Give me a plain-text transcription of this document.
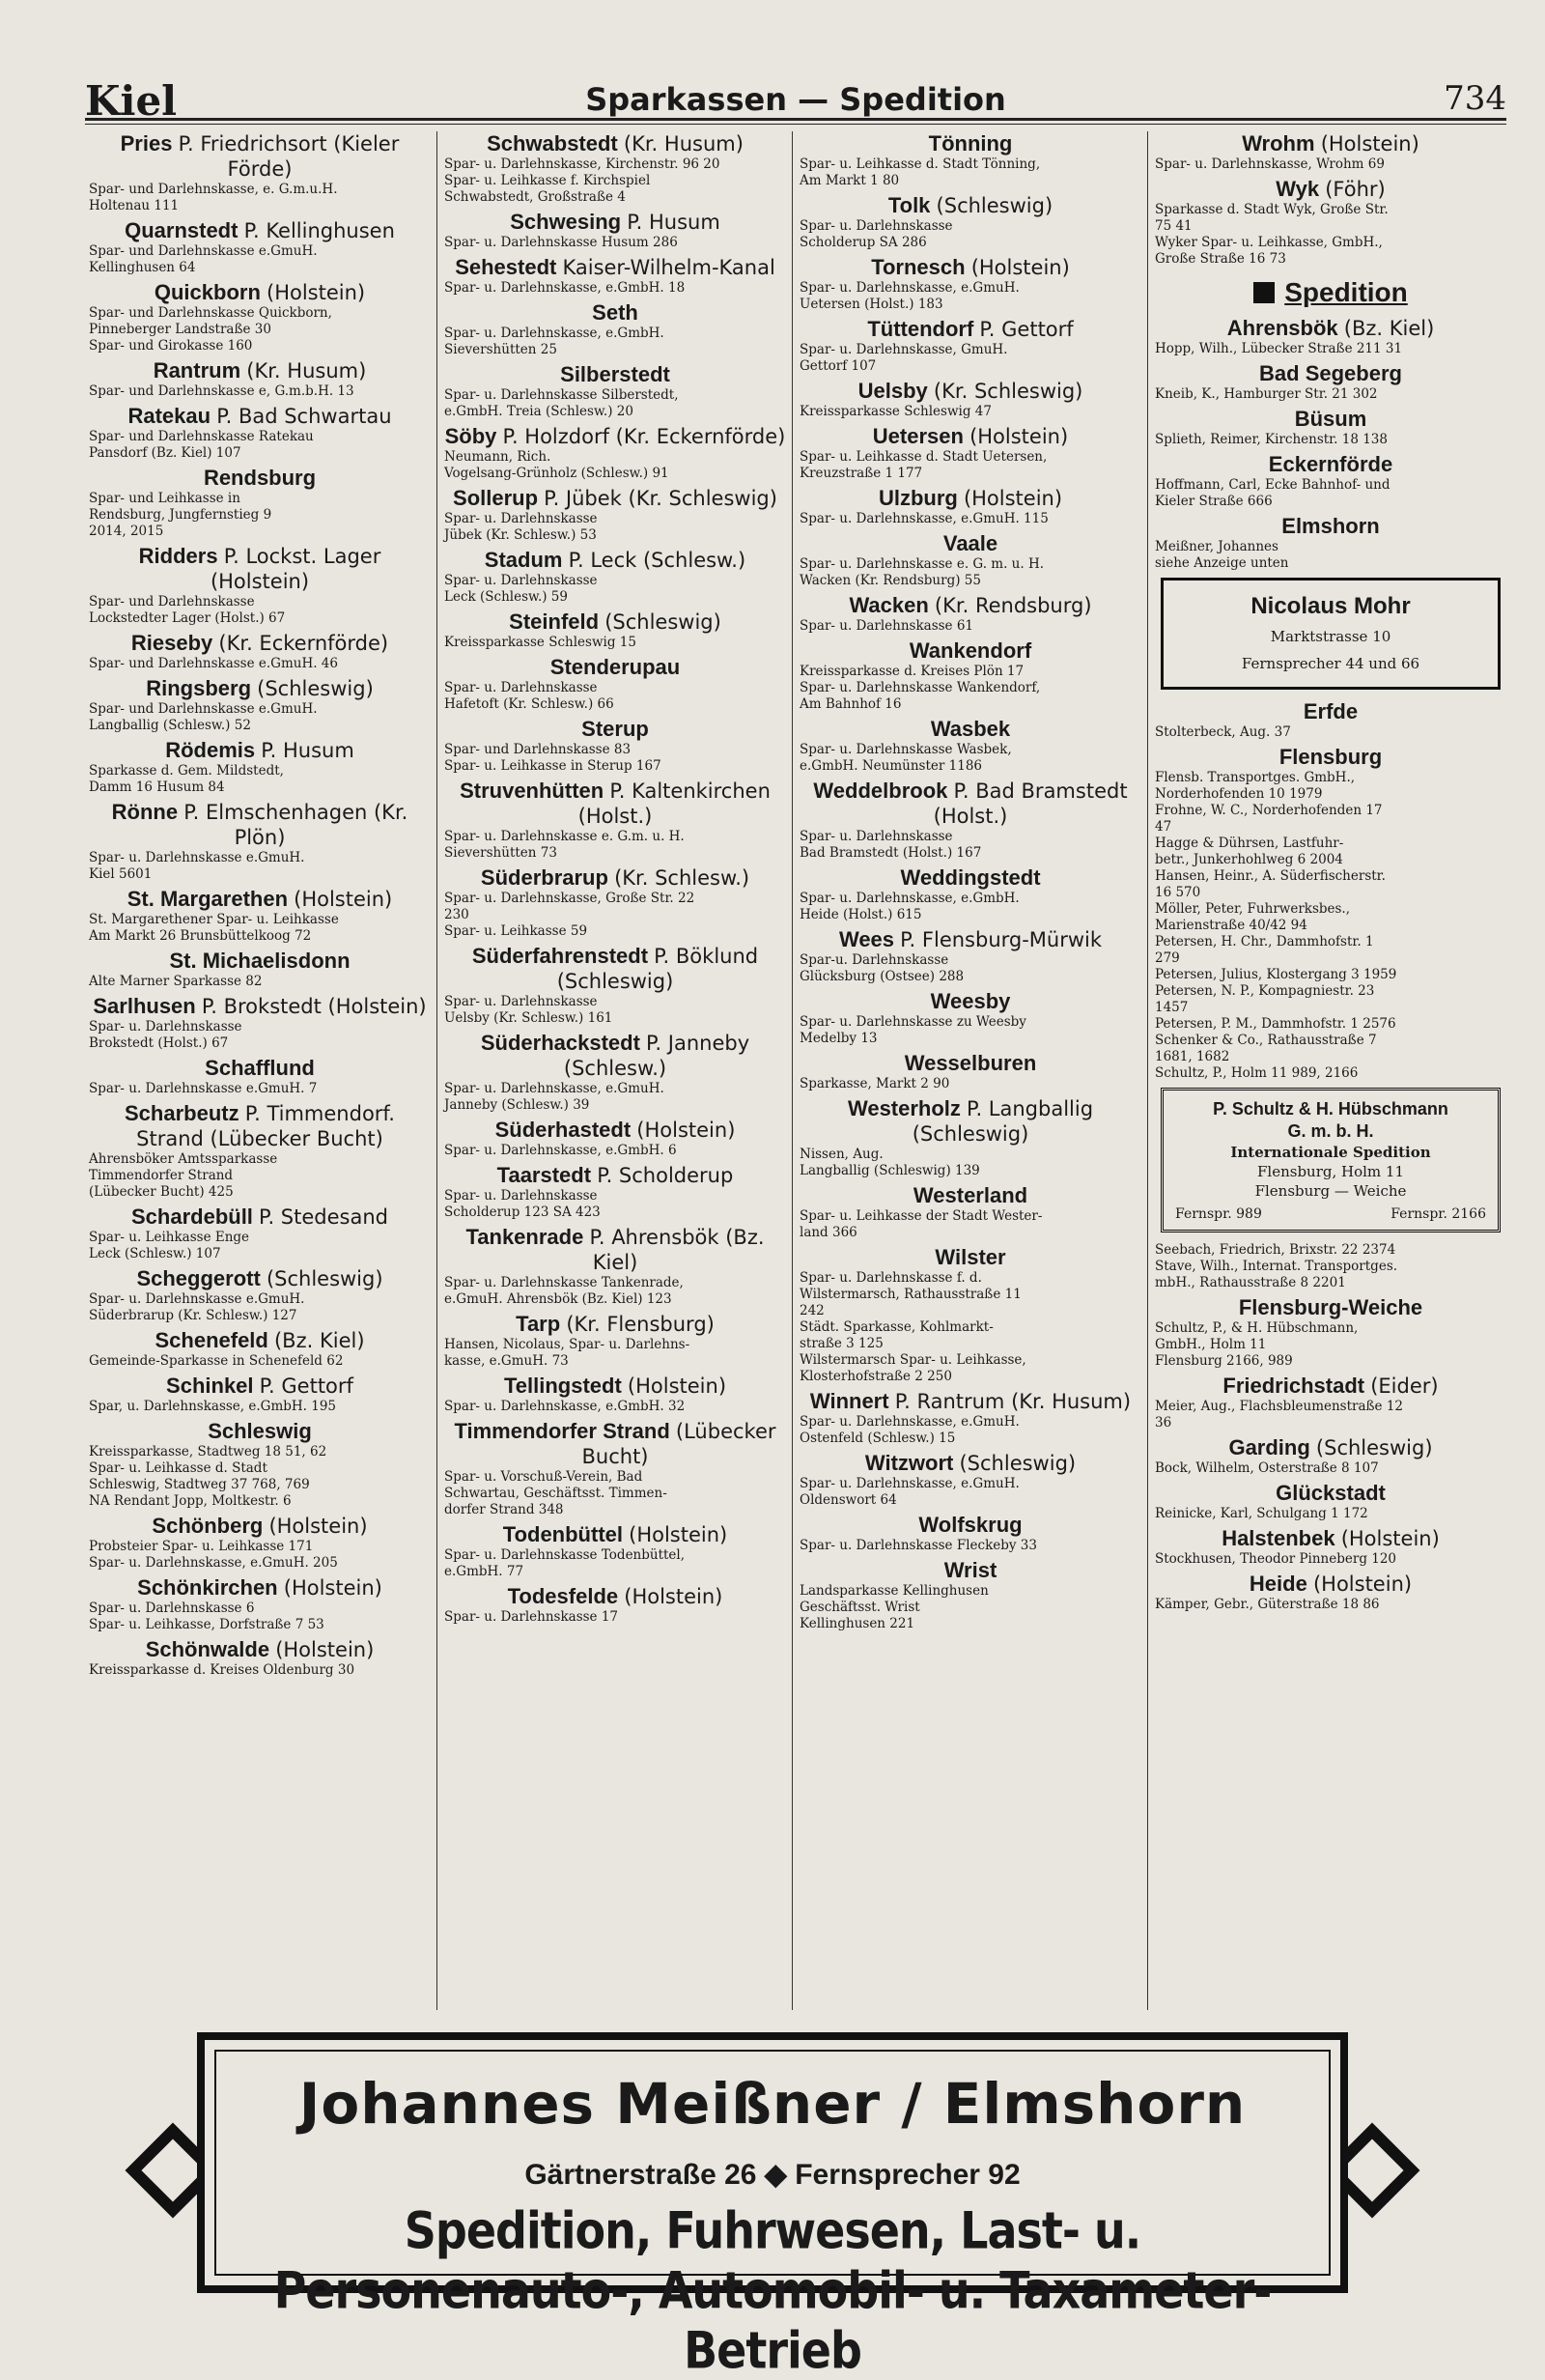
Kiel	Sparkassen — Spedition	734
Pries P. Friedrichsort (Kieler Förde)
Spar- und Darlehnskasse, e. G.m.u.H.
Holtenau 111
Quarnstedt P. Kellinghusen
Spar- und Darlehnskasse e.GmuH.
Kellinghusen 64
Quickborn (Holstein)
Spar- und Darlehnskasse Quickborn,
Pinneberger Landstraße 30
Spar- und Girokasse 160
Rantrum (Kr. Husum)
Spar- und Darlehnskasse e, G.m.b.H. 13
Ratekau P. Bad Schwartau
Spar- und Darlehnskasse Ratekau
Pansdorf (Bz. Kiel) 107
Rendsburg
Spar- und Leihkasse in
Rendsburg, Jungfernstieg 9
2014, 2015
Ridders P. Lockst. Lager (Holstein)
Spar- und Darlehnskasse
Lockstedter Lager (Holst.) 67
Rieseby (Kr. Eckernförde)
Spar- und Darlehnskasse e.GmuH. 46
Ringsberg (Schleswig)
Spar- und Darlehnskasse e.GmuH.
Langballig (Schlesw.) 52
Rödemis P. Husum
Sparkasse d. Gem. Mildstedt,
Damm 16 Husum 84
Rönne P. Elmschenhagen (Kr. Plön)
Spar- u. Darlehnskasse e.GmuH.
Kiel 5601
St. Margarethen (Holstein)
St. Margarethener Spar- u. Leihkasse
Am Markt 26 Brunsbüttelkoog 72
St. Michaelisdonn
Alte Marner Sparkasse 82
Sarlhusen P. Brokstedt (Holstein)
Spar- u. Darlehnskasse
Brokstedt (Holst.) 67
Schafflund
Spar- u. Darlehnskasse e.GmuH. 7
Scharbeutz P. Timmendorf. Strand (Lübecker Bucht)
Ahrensböker Amtssparkasse
Timmendorfer Strand
(Lübecker Bucht) 425
Schardebüll P. Stedesand
Spar- u. Leihkasse Enge
Leck (Schlesw.) 107
Scheggerott (Schleswig)
Spar- u. Darlehnskasse e.GmuH.
Süderbrarup (Kr. Schlesw.) 127
Schenefeld (Bz. Kiel)
Gemeinde-Sparkasse in Schenefeld 62
Schinkel P. Gettorf
Spar, u. Darlehnskasse, e.GmbH. 195
Schleswig
Kreissparkasse, Stadtweg 18 51, 62
Spar- u. Leihkasse d. Stadt
Schleswig, Stadtweg 37 768, 769
NA Rendant Jopp, Moltkestr. 6
Schönberg (Holstein)
Probsteier Spar- u. Leihkasse 171
Spar- u. Darlehnskasse, e.GmuH. 205
Schönkirchen (Holstein)
Spar- u. Darlehnskasse 6
Spar- u. Leihkasse, Dorfstraße 7 53
Schönwalde (Holstein)
Kreissparkasse d. Kreises Oldenburg 30
Schwabstedt (Kr. Husum)
Spar- u. Darlehnskasse, Kirchenstr. 96 20
Spar- u. Leihkasse f. Kirchspiel
Schwabstedt, Großstraße 4
Schwesing P. Husum
Spar- u. Darlehnskasse Husum 286
Sehestedt Kaiser-Wilhelm-Kanal
Spar- u. Darlehnskasse, e.GmbH. 18
Seth
Spar- u. Darlehnskasse, e.GmbH.
Sievershütten 25
Silberstedt
Spar- u. Darlehnskasse Silberstedt,
e.GmbH. Treia (Schlesw.) 20
Söby P. Holzdorf (Kr. Eckernförde)
Neumann, Rich.
Vogelsang-Grünholz (Schlesw.) 91
Sollerup P. Jübek (Kr. Schleswig)
Spar- u. Darlehnskasse
Jübek (Kr. Schlesw.) 53
Stadum P. Leck (Schlesw.)
Spar- u. Darlehnskasse
Leck (Schlesw.) 59
Steinfeld (Schleswig)
Kreissparkasse Schleswig 15
Stenderupau
Spar- u. Darlehnskasse
Hafetoft (Kr. Schlesw.) 66
Sterup
Spar- und Darlehnskasse 83
Spar- u. Leihkasse in Sterup 167
Struvenhütten P. Kaltenkirchen (Holst.)
Spar- u. Darlehnskasse e. G.m. u. H.
Sievershütten 73
Süderbrarup (Kr. Schlesw.)
Spar- u. Darlehnskasse, Große Str. 22
230
Spar- u. Leihkasse 59
Süderfahrenstedt P. Böklund (Schleswig)
Spar- u. Darlehnskasse
Uelsby (Kr. Schlesw.) 161
Süderhackstedt P. Janneby (Schlesw.)
Spar- u. Darlehnskasse, e.GmuH.
Janneby (Schlesw.) 39
Süderhastedt (Holstein)
Spar- u. Darlehnskasse, e.GmbH. 6
Taarstedt P. Scholderup
Spar- u. Darlehnskasse
Scholderup 123 SA 423
Tankenrade P. Ahrensbök (Bz. Kiel)
Spar- u. Darlehnskasse Tankenrade,
e.GmuH. Ahrensbök (Bz. Kiel) 123
Tarp (Kr. Flensburg)
Hansen, Nicolaus, Spar- u. Darlehns-
kasse, e.GmuH. 73
Tellingstedt (Holstein)
Spar- u. Darlehnskasse, e.GmbH. 32
Timmendorfer Strand (Lübecker Bucht)
Spar- u. Vorschuß-Verein, Bad
Schwartau, Geschäftsst. Timmen-
dorfer Strand 348
Todenbüttel (Holstein)
Spar- u. Darlehnskasse Todenbüttel,
e.GmbH. 77
Todesfelde (Holstein)
Spar- u. Darlehnskasse 17
Tönning
Spar- u. Leihkasse d. Stadt Tönning,
Am Markt 1 80
Tolk (Schleswig)
Spar- u. Darlehnskasse
Scholderup SA 286
Tornesch (Holstein)
Spar- u. Darlehnskasse, e.GmuH.
Uetersen (Holst.) 183
Tüttendorf P. Gettorf
Spar- u. Darlehnskasse, GmuH.
Gettorf 107
Uelsby (Kr. Schleswig)
Kreissparkasse Schleswig 47
Uetersen (Holstein)
Spar- u. Leihkasse d. Stadt Uetersen,
Kreuzstraße 1 177
Ulzburg (Holstein)
Spar- u. Darlehnskasse, e.GmuH. 115
Vaale
Spar- u. Darlehnskasse e. G. m. u. H.
Wacken (Kr. Rendsburg) 55
Wacken (Kr. Rendsburg)
Spar- u. Darlehnskasse 61
Wankendorf
Kreissparkasse d. Kreises Plön 17
Spar- u. Darlehnskasse Wankendorf,
Am Bahnhof 16
Wasbek
Spar- u. Darlehnskasse Wasbek,
e.GmbH. Neumünster 1186
Weddelbrook P. Bad Bramstedt (Holst.)
Spar- u. Darlehnskasse
Bad Bramstedt (Holst.) 167
Weddingstedt
Spar- u. Darlehnskasse, e.GmbH.
Heide (Holst.) 615
Wees P. Flensburg-Mürwik
Spar-u. Darlehnskasse
Glücksburg (Ostsee) 288
Weesby
Spar- u. Darlehnskasse zu Weesby
Medelby 13
Wesselburen
Sparkasse, Markt 2 90
Westerholz P. Langballig (Schleswig)
Nissen, Aug.
Langballig (Schleswig) 139
Westerland
Spar- u. Leihkasse der Stadt Wester-
land 366
Wilster
Spar- u. Darlehnskasse f. d.
Wilstermarsch, Rathausstraße 11
242
Städt. Sparkasse, Kohlmarkt-
straße 3 125
Wilstermarsch Spar- u. Leihkasse,
Klosterhofstraße 2 250
Winnert P. Rantrum (Kr. Husum)
Spar- u. Darlehnskasse, e.GmuH.
Ostenfeld (Schlesw.) 15
Witzwort (Schleswig)
Spar- u. Darlehnskasse, e.GmuH.
Oldenswort 64
Wolfskrug
Spar- u. Darlehnskasse Fleckeby 33
Wrist
Landsparkasse Kellinghusen
Geschäftsst. Wrist
Kellinghusen 221
Wrohm (Holstein)
Spar- u. Darlehnskasse, Wrohm 69
Wyk (Föhr)
Sparkasse d. Stadt Wyk, Große Str.
75 41
Wyker Spar- u. Leihkasse, GmbH.,
Große Straße 16 73
Spedition
Ahrensbök (Bz. Kiel)
Hopp, Wilh., Lübecker Straße 211 31
Bad Segeberg
Kneib, K., Hamburger Str. 21 302
Büsum
Splieth, Reimer, Kirchenstr. 18 138
Eckernförde
Hoffmann, Carl, Ecke Bahnhof- und
Kieler Straße 666
Elmshorn
Meißner, Johannes
siehe Anzeige unten
Nicolaus Mohr
Marktstrasse 10
Fernsprecher 44 und 66
Erfde
Stolterbeck, Aug. 37
Flensburg
Flensb. Transportges. GmbH.,
Norderhofenden 10 1979
Frohne, W. C., Norderhofenden 17
47
Hagge & Dührsen, Lastfuhr-
betr., Junkerhohlweg 6 2004
Hansen, Heinr., A. Süderfischerstr.
16 570
Möller, Peter, Fuhrwerksbes.,
Marienstraße 40/42 94
Petersen, H. Chr., Dammhofstr. 1
279
Petersen, Julius, Klostergang 3 1959
Petersen, N. P., Kompagniestr. 23
1457
Petersen, P. M., Dammhofstr. 1 2576
Schenker & Co., Rathausstraße 7
1681, 1682
Schultz, P., Holm 11 989, 2166
P. Schultz & H. Hübschmann
G. m. b. H.
Internationale Spedition
Flensburg, Holm 11
Flensburg — Weiche
Fernspr. 989	Fernspr. 2166
Seebach, Friedrich, Brixstr. 22 2374
Stave, Wilh., Internat. Transportges.
mbH., Rathausstraße 8 2201
Flensburg-Weiche
Schultz, P., & H. Hübschmann,
GmbH., Holm 11
Flensburg 2166, 989
Friedrichstadt (Eider)
Meier, Aug., Flachsbleumenstraße 12
36
Garding (Schleswig)
Bock, Wilhelm, Osterstraße 8 107
Glückstadt
Reinicke, Karl, Schulgang 1 172
Halstenbek (Holstein)
Stockhusen, Theodor Pinneberg 120
Heide (Holstein)
Kämper, Gebr., Güterstraße 18 86
Johannes Meißner / Elmshorn
Gärtnerstraße 26 ◆ Fernsprecher 92
Spedition, Fuhrwesen, Last- u. Personenauto-, Automobil- u. Taxameter-Betrieb
